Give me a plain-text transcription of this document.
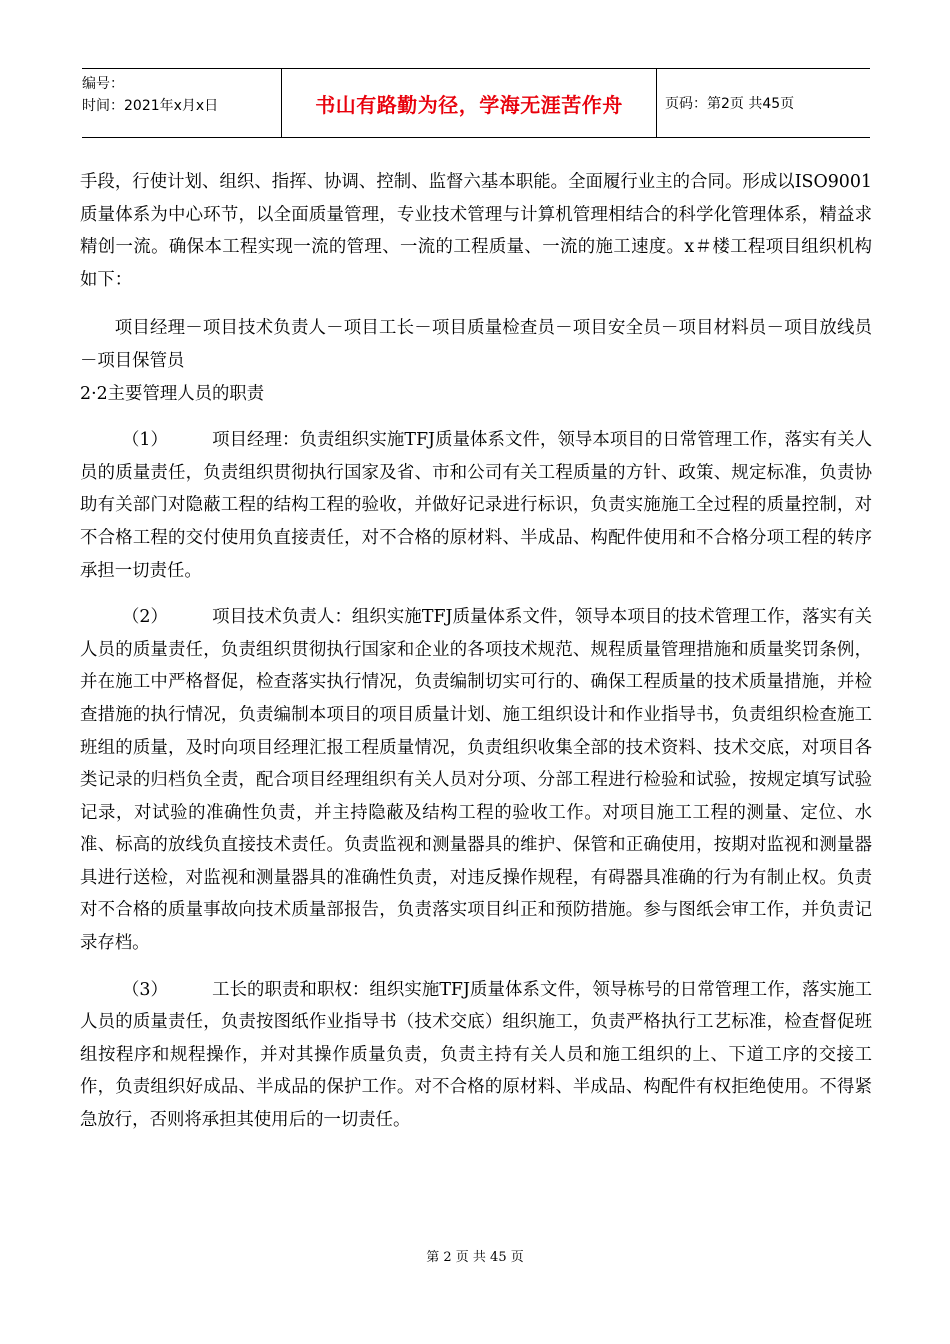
编号：
时间：2021年x月x日	书山有路勤为径，学海无涯苦作舟	页码：第2页 共45页

手段，行使计划、组织、指挥、协调、控制、监督六基本职能。全面履行业主的合同。形成以ISO9001质量体系为中心环节，以全面质量管理，专业技术管理与计算机管理相结合的科学化管理体系，精益求精创一流。确保本工程实现一流的管理、一流的工程质量、一流的施工速度。x＃楼工程项目组织机构如下：

项目经理－项目技术负责人－项目工长－项目质量检查员－项目安全员－项目材料员－项目放线员－项目保管员

2·2主要管理人员的职责

（1）	项目经理：负责组织实施TFJ质量体系文件，领导本项目的日常管理工作，落实有关人员的质量责任，负责组织贯彻执行国家及省、市和公司有关工程质量的方针、政策、规定标准，负责协助有关部门对隐蔽工程的结构工程的验收，并做好记录进行标识，负责实施施工全过程的质量控制，对不合格工程的交付使用负直接责任，对不合格的原材料、半成品、构配件使用和不合格分项工程的转序承担一切责任。

（2）	项目技术负责人：组织实施TFJ质量体系文件，领导本项目的技术管理工作，落实有关人员的质量责任，负责组织贯彻执行国家和企业的各项技术规范、规程质量管理措施和质量奖罚条例，并在施工中严格督促，检查落实执行情况，负责编制切实可行的、确保工程质量的技术质量措施，并检查措施的执行情况，负责编制本项目的项目质量计划、施工组织设计和作业指导书，负责组织检查施工班组的质量，及时向项目经理汇报工程质量情况，负责组织收集全部的技术资料、技术交底，对项目各类记录的归档负全责，配合项目经理组织有关人员对分项、分部工程进行检验和试验，按规定填写试验记录，对试验的准确性负责，并主持隐蔽及结构工程的验收工作。对项目施工工程的测量、定位、水准、标高的放线负直接技术责任。负责监视和测量器具的维护、保管和正确使用，按期对监视和测量器具进行送检，对监视和测量器具的准确性负责，对违反操作规程，有碍器具准确的行为有制止权。负责对不合格的质量事故向技术质量部报告，负责落实项目纠正和预防措施。参与图纸会审工作，并负责记录存档。

（3）	工长的职责和职权：组织实施TFJ质量体系文件，领导栋号的日常管理工作，落实施工人员的质量责任，负责按图纸作业指导书（技术交底）组织施工，负责严格执行工艺标准，检查督促班组按程序和规程操作，并对其操作质量负责，负责主持有关人员和施工组织的上、下道工序的交接工作，负责组织好成品、半成品的保护工作。对不合格的原材料、半成品、构配件有权拒绝使用。不得紧急放行，否则将承担其使用后的一切责任。

第 2 页 共 45 页
